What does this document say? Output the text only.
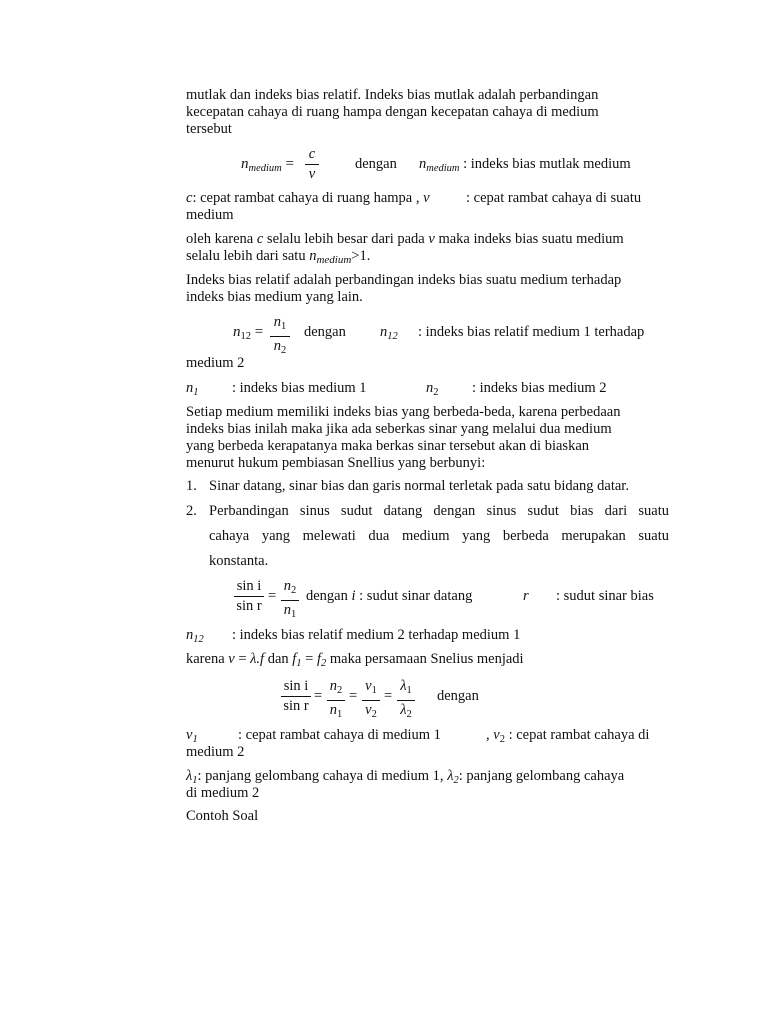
mutlak dan indeks bias relatif. Indeks bias mutlak adalah perbandingan
kecepatan cahaya di ruang hampa dengan kecepatan cahaya di medium
tersebut
$n_{medium}$ =
c
v
dengan $n_{medium}$ : indeks bias mutlak medium
c: cepat rambat cahaya di ruang hampa , v	: cepat rambat cahaya di suatu
medium
oleh karena c selalu lebih besar dari pada v maka indeks bias suatu medium
selalu lebih dari satu $n_{medium}>1$.
Indeks bias relatif adalah perbandingan indeks bias suatu medium terhadap
indeks bias medium yang lain.
$n_{12}$ =
$n_1$
$n_2$
dengan $n_{12}$ : indeks bias relatif medium 1 terhadap
medium 2
$n_1$ : indeks bias medium 1	$n_2$ : indeks bias medium 2
Setiap medium memiliki indeks bias yang berbeda-beda, karena perbedaan
indeks bias inilah maka jika ada seberkas sinar yang melalui dua medium
yang berbeda kerapatanya maka berkas sinar tersebut akan di biaskan
menurut hukum pembiasan Snellius yang berbunyi:
1. Sinar datang, sinar bias dan garis normal terletak pada satu bidang datar.
2. Perbandingan sinus sudut datang dengan sinus sudut bias dari suatu
cahaya yang melewati dua medium yang berbeda merupakan suatu
konstanta.
sin i
sin r
=
$n_2$
$n_1$
dengan i : sudut sinar datang	r : sudut sinar bias
$n_{12}$ : indeks bias relatif medium 2 terhadap medium 1
karena v = λ.f dan $f_1 = f_2$ maka persamaan Snelius menjadi
sin i
sin r
=
$n_2$
$n_1$
=
$v_1$
$v_2$
=
$\lambda_1$
$\lambda_2$
dengan
$v_1$	: cepat rambat cahaya di medium 1	, $v_2$ : cepat rambat cahaya di
medium 2
$\lambda_1$: panjang gelombang cahaya di medium 1, $\lambda_2$: panjang gelombang cahaya
di medium 2
Contoh Soal
